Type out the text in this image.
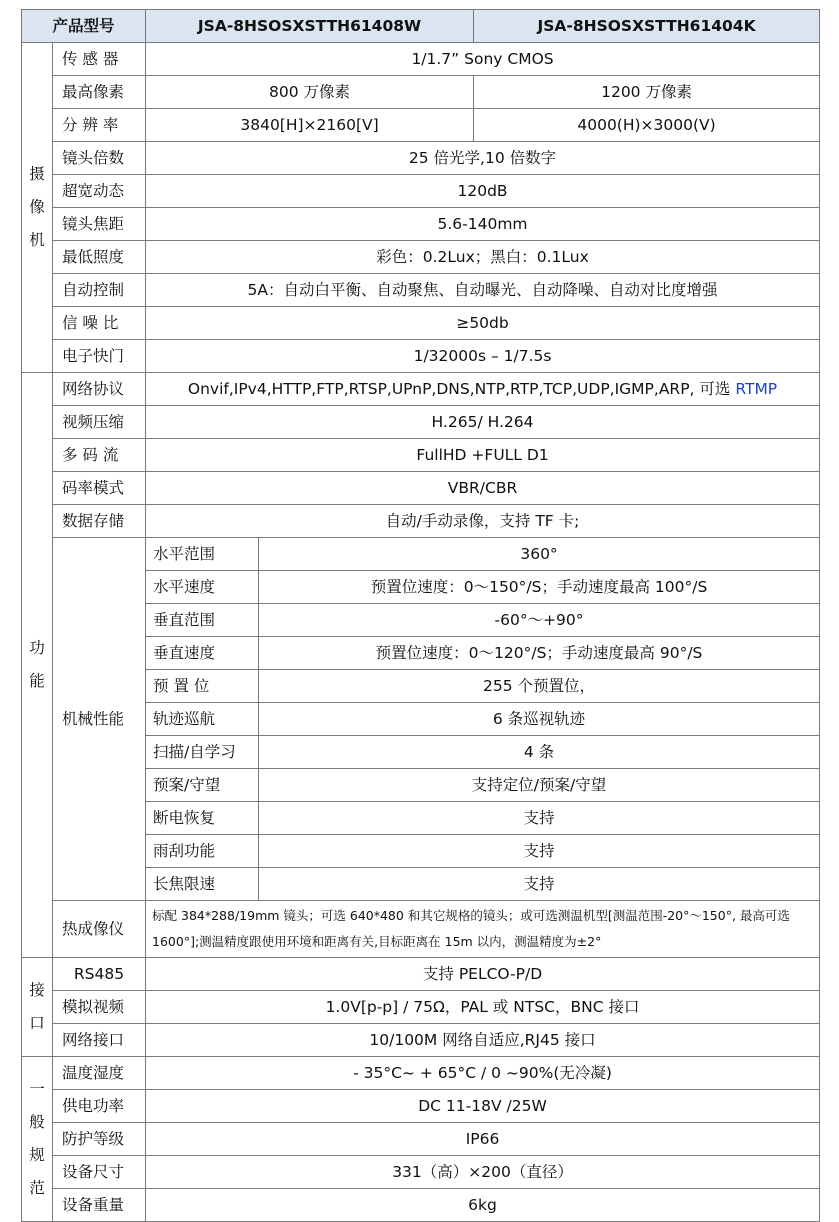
产品型号		JSA-8HSOSXSTTH61408W		JSA-8HSOSXSTTH61404K

摄
像
机	传 感 器	1/1.7” Sony CMOS		
	最高像素	800 万像素		1200 万像素
	分 辨 率	3840[H]×2160[V]		4000(H)×3000(V)
	镜头倍数	25 倍光学,10 倍数字		
	超宽动态	120dB		
	镜头焦距	5.6-140mm		
	最低照度	彩色：0.2Lux；黑白：0.1Lux		
	自动控制	5A：自动白平衡、自动聚焦、自动曝光、自动降噪、自动对比度增强		
	信 噪 比	≥50db		
	电子快门	1/32000s – 1/7.5s		

功
能	网络协议	Onvif,IPv4,HTTP,FTP,RTSP,UPnP,DNS,NTP,RTP,TCP,UDP,IGMP,ARP, 可选 RTMP		
	视频压缩	H.265/ H.264		
	多 码 流	FullHD +FULL D1		
	码率模式	VBR/CBR		
	数据存储	自动/手动录像，支持 TF 卡;		
	机械性能	水平范围	360°	
		水平速度	预置位速度：0～150°/S；手动速度最高 100°/S	
		垂直范围	-60°～+90°	
		垂直速度	预置位速度：0～120°/S；手动速度最高 90°/S	
		预 置 位	255 个预置位，	
		轨迹巡航	6 条巡视轨迹	
		扫描/自学习	4 条	
		预案/守望	支持定位/预案/守望	
		断电恢复	支持	
		雨刮功能	支持	
		长焦限速	支持	
	热成像仪	标配 384*288/19mm 镜头；可选 640*480 和其它规格的镜头；或可选测温机型[测温范围-20°～150°, 最高可选 1600°];测温精度跟使用环境和距离有关,目标距离在 15m 以内，测温精度为±2°		

接
口	RS485	支持 PELCO-P/D		
	模拟视频	1.0V[p-p] / 75Ω，PAL 或 NTSC，BNC 接口		
	网络接口	10/100M 网络自适应,RJ45 接口		

一
般
规
范	温度湿度	- 35°C~ + 65°C / 0 ~90%(无冷凝)		
	供电功率	DC 11-18V /25W		
	防护等级	IP66		
	设备尺寸	331（高）×200（直径）		
	设备重量	6kg		
